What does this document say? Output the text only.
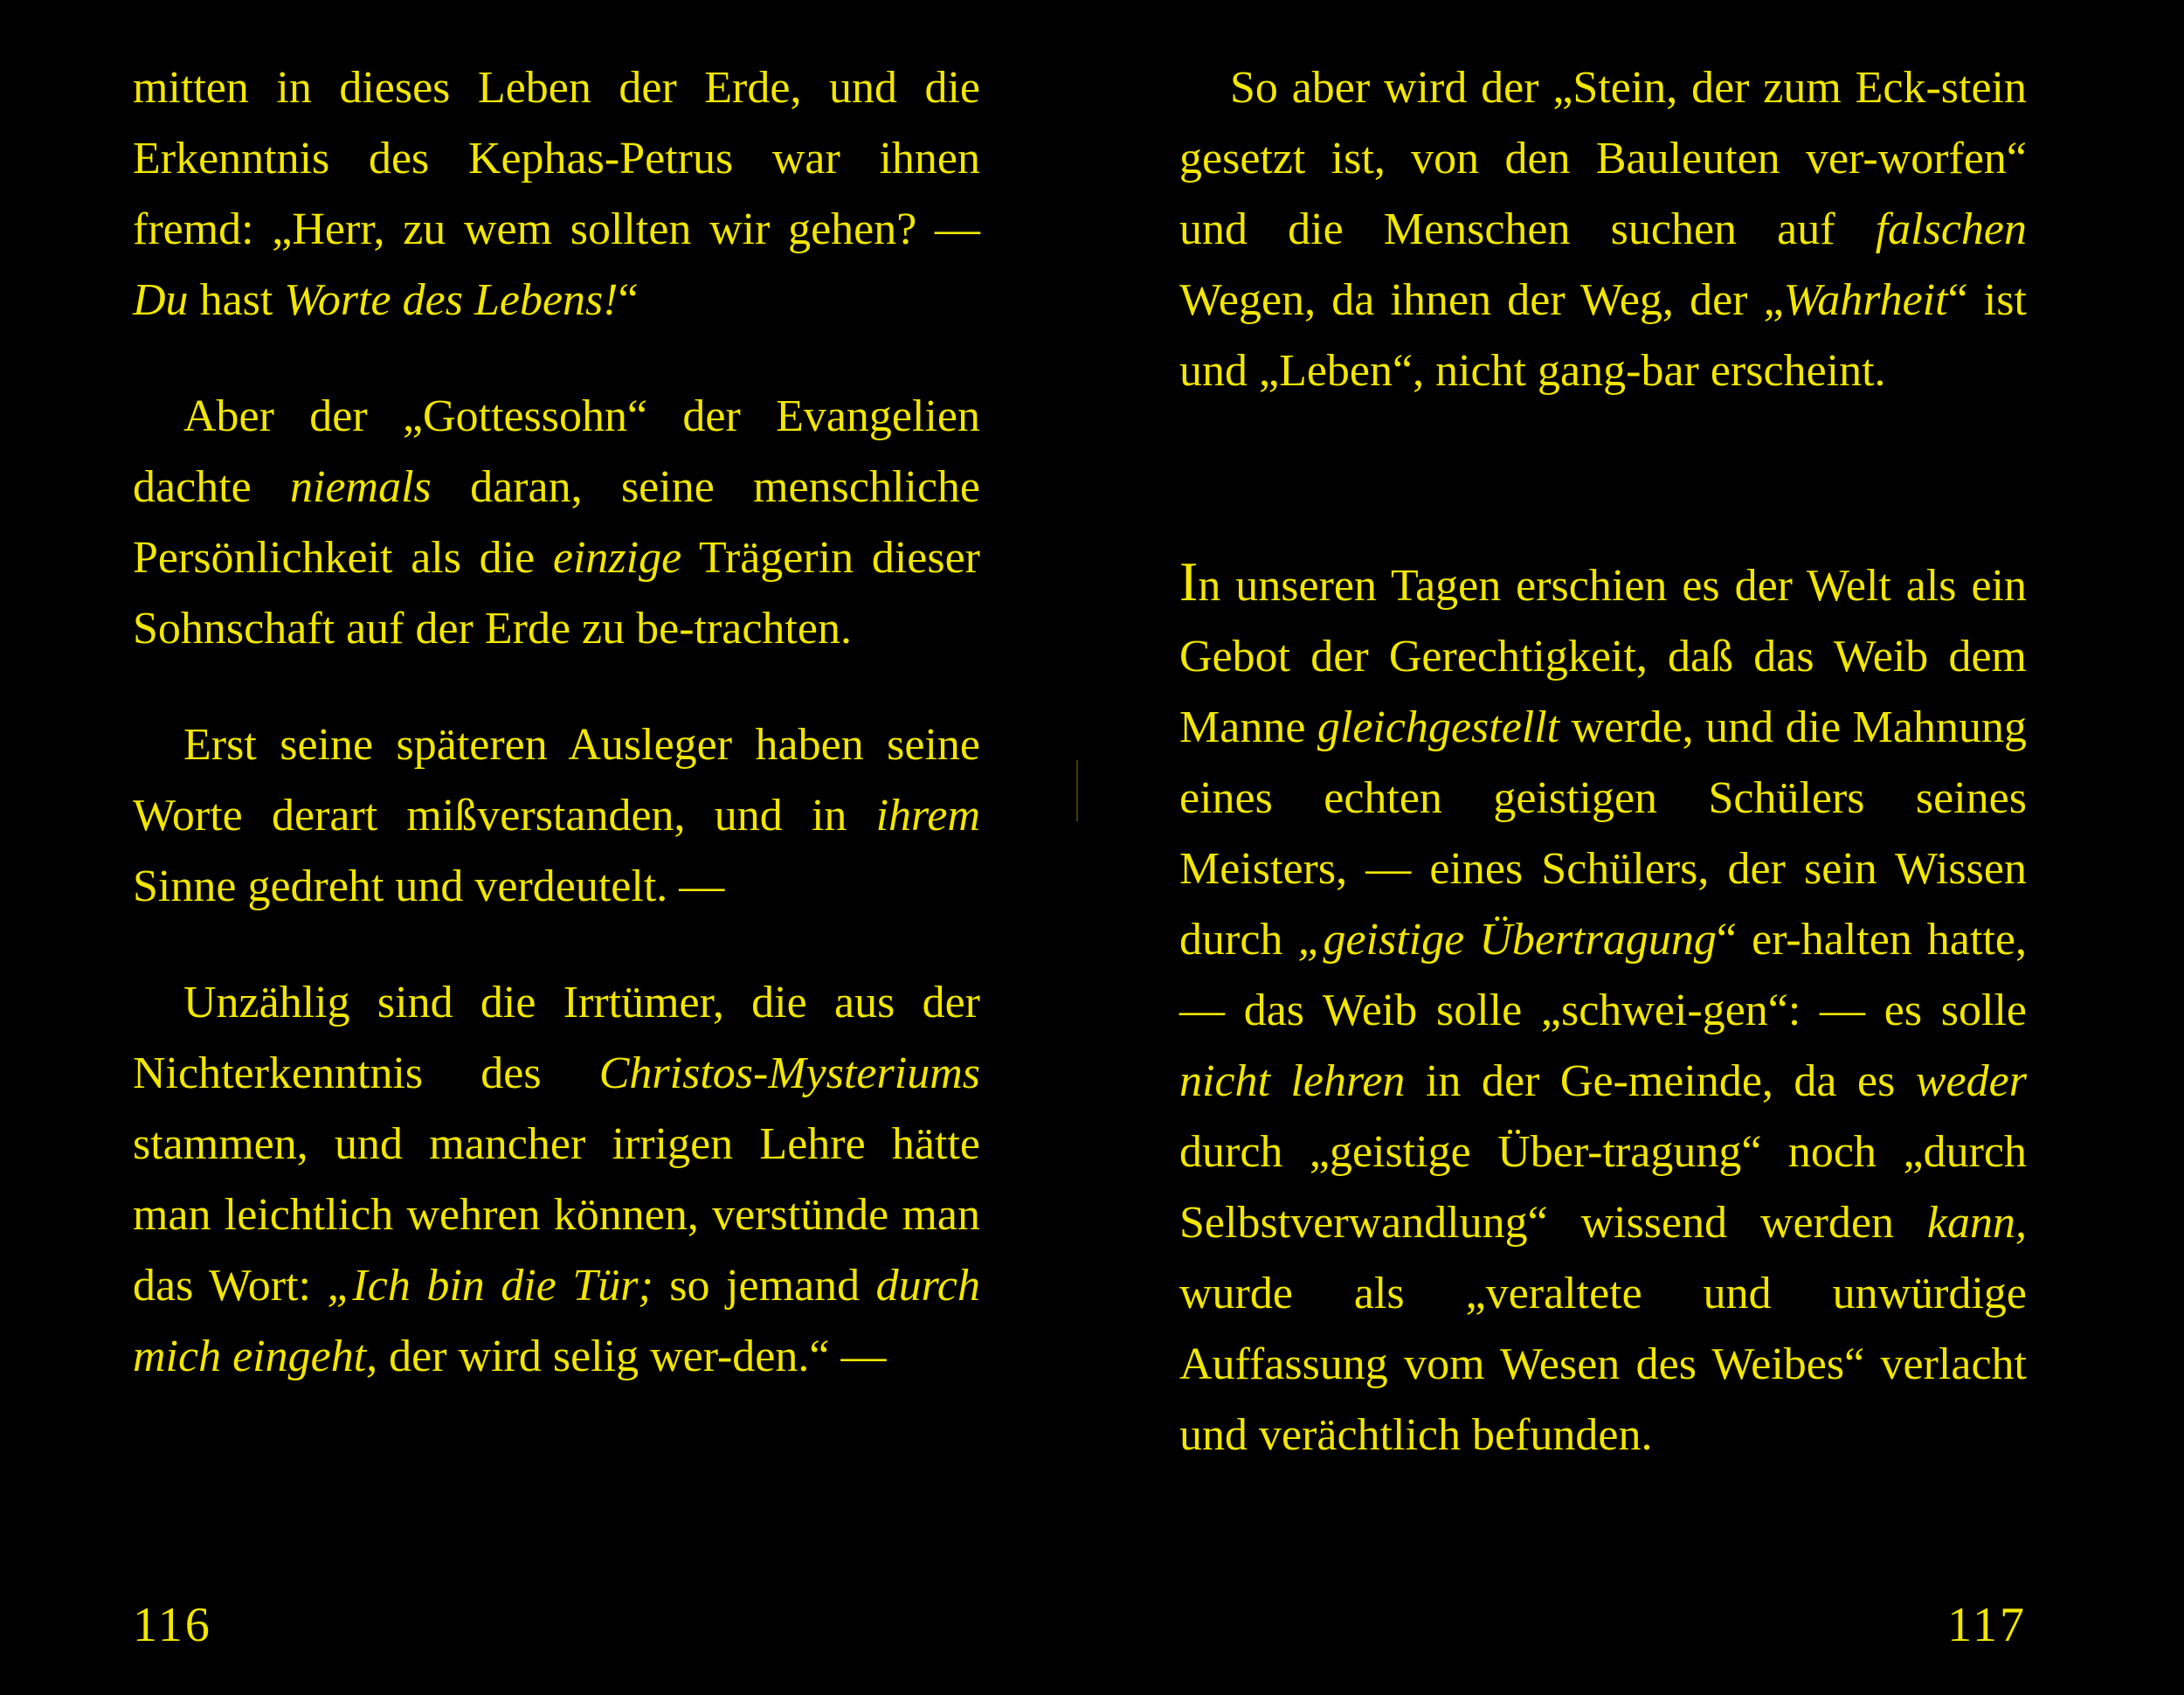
mitten in dieses Leben der Erde, und die Erkenntnis des Kephas-Petrus war ihnen fremd: „Herr, zu wem sollten wir gehen? — Du hast Worte des Lebens!“

Aber der „Gottessohn“ der Evangelien dachte niemals daran, seine menschliche Persönlichkeit als die einzige Trägerin dieser Sohnschaft auf der Erde zu be-trachten.

Erst seine späteren Ausleger haben seine Worte derart mißverstanden, und in ihrem Sinne gedreht und verdeutelt. —

Unzählig sind die Irrtümer, die aus der Nichterkenntnis des Christos-Mysteriums stammen, und mancher irrigen Lehre hätte man leichtlich wehren können, verstünde man das Wort: „Ich bin die Tür; so jemand durch mich eingeht, der wird selig wer-den.“ —

116

So aber wird der „Stein, der zum Eck-stein gesetzt ist, von den Bauleuten ver-worfen“ und die Menschen suchen auf falschen Wegen, da ihnen der Weg, der „Wahrheit“ ist und „Leben“, nicht gang-bar erscheint.

In unseren Tagen erschien es der Welt als ein Gebot der Gerechtigkeit, daß das Weib dem Manne gleichgestellt werde, und die Mahnung eines echten geistigen Schülers seines Meisters, — eines Schülers, der sein Wissen durch „geistige Übertragung“ er-halten hatte, — das Weib solle „schwei-gen“: — es solle nicht lehren in der Ge-meinde, da es weder durch „geistige Über-tragung“ noch „durch Selbstverwandlung“ wissend werden kann, wurde als „veraltete und unwürdige Auffassung vom Wesen des Weibes“ verlacht und verächtlich befunden.

117
